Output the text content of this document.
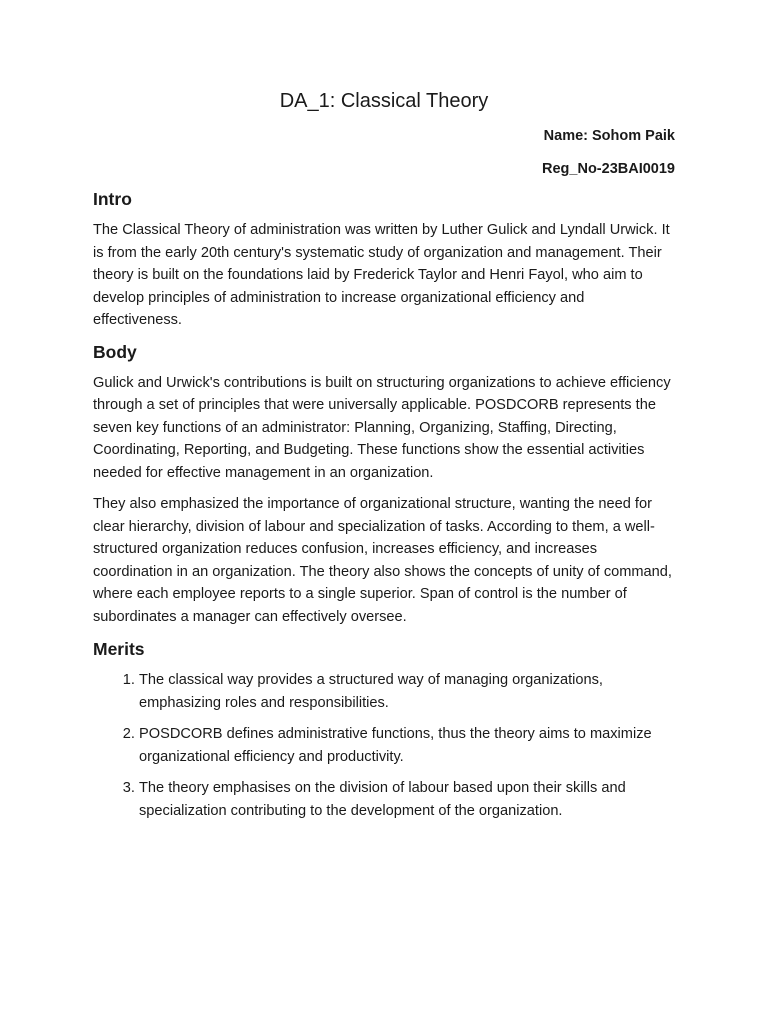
DA_1: Classical Theory

Name: Sohom Paik

Reg_No-23BAI0019

Intro

The Classical Theory of administration was written by Luther Gulick and Lyndall Urwick. It is from the early 20th century's systematic study of organization and management. Their theory is built on the foundations laid by Frederick Taylor and Henri Fayol, who aim to develop principles of administration to increase organizational efficiency and effectiveness.

Body

Gulick and Urwick's contributions is built on structuring organizations to achieve efficiency through a set of principles that were universally applicable. POSDCORB represents the seven key functions of an administrator: Planning, Organizing, Staffing, Directing, Coordinating, Reporting, and Budgeting. These functions show the essential activities needed for effective management in an organization.

They also emphasized the importance of organizational structure, wanting the need for clear hierarchy, division of labour and specialization of tasks. According to them, a well-structured organization reduces confusion, increases efficiency, and increases coordination in an organization. The theory also shows the concepts of unity of command, where each employee reports to a single superior. Span of control is the number of subordinates a manager can effectively oversee.

Merits
1. The classical way provides a structured way of managing organizations, emphasizing roles and responsibilities.
2. POSDCORB defines administrative functions, thus the theory aims to maximize organizational efficiency and productivity.
3. The theory emphasises on the division of labour based upon their skills and specialization contributing to the development of the organization.
